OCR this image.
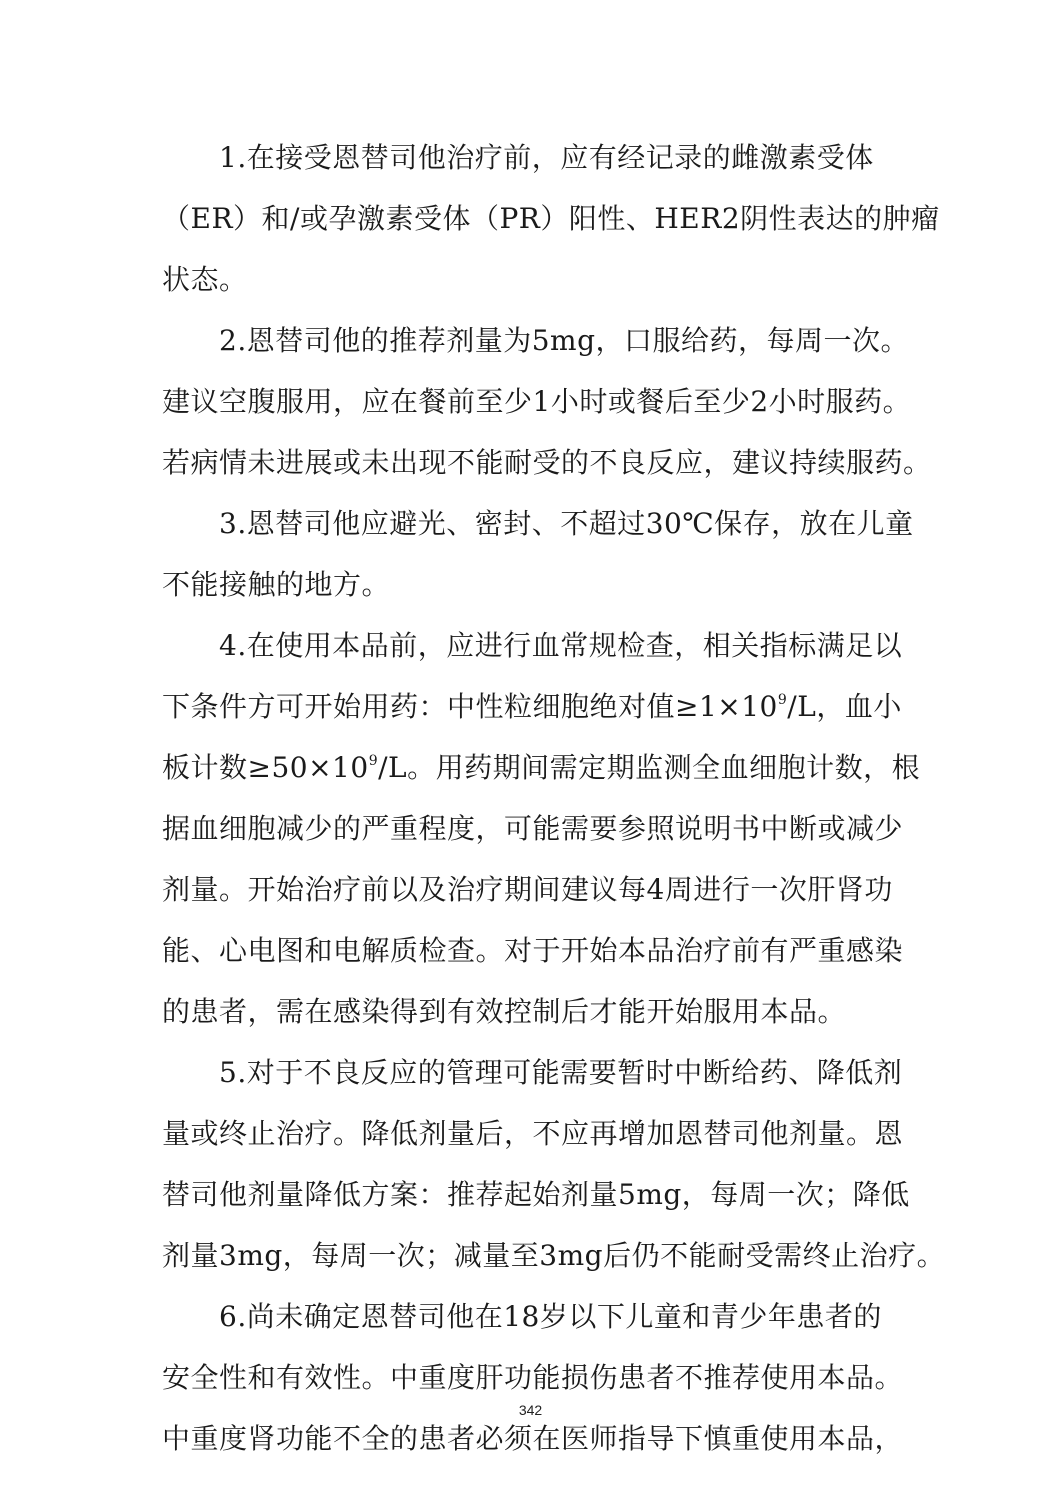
1.在接受恩替司他治疗前，应有经记录的雌激素受体
（ER）和/或孕激素受体（PR）阳性、HER2阴性表达的肿瘤
状态。
2.恩替司他的推荐剂量为5mg，口服给药，每周一次。
建议空腹服用，应在餐前至少1小时或餐后至少2小时服药。
若病情未进展或未出现不能耐受的不良反应，建议持续服药。
3.恩替司他应避光、密封、不超过30℃保存，放在儿童
不能接触的地方。
4.在使用本品前，应进行血常规检查，相关指标满足以
下条件方可开始用药：中性粒细胞绝对值$\ge 1\times 10^9/L$，血小
板计数$\ge 50\times 10^9/L$。用药期间需定期监测全血细胞计数，根
据血细胞减少的严重程度，可能需要参照说明书中断或减少
剂量。开始治疗前以及治疗期间建议每4周进行一次肝肾功
能、心电图和电解质检查。对于开始本品治疗前有严重感染
的患者，需在感染得到有效控制后才能开始服用本品。
5.对于不良反应的管理可能需要暂时中断给药、降低剂
量或终止治疗。降低剂量后，不应再增加恩替司他剂量。恩
替司他剂量降低方案：推荐起始剂量5mg，每周一次；降低
剂量3mg，每周一次；减量至3mg后仍不能耐受需终止治疗。
6.尚未确定恩替司他在18岁以下儿童和青少年患者的
安全性和有效性。中重度肝功能损伤患者不推荐使用本品。
中重度肾功能不全的患者必须在医师指导下慎重使用本品，
342
